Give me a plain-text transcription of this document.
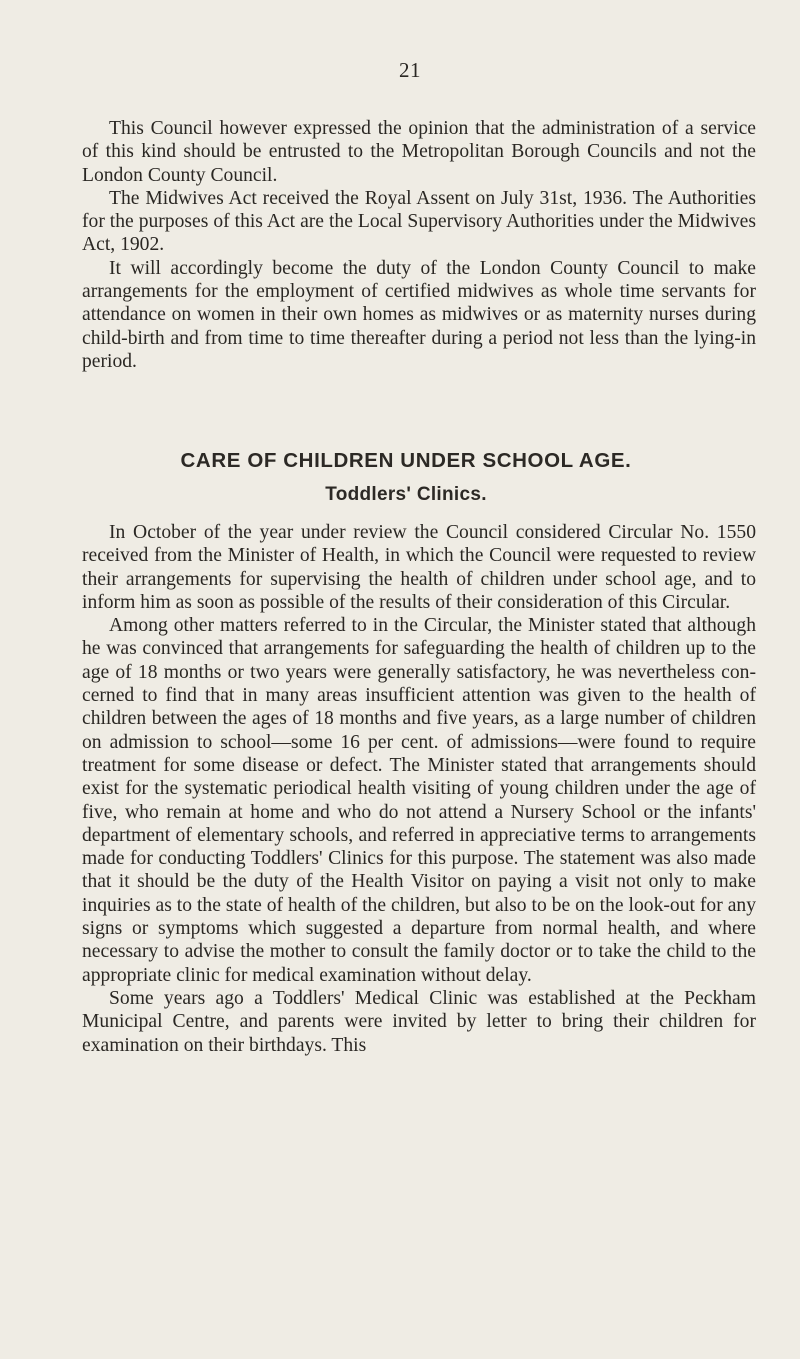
21

This Council however expressed the opinion that the administration of a service of this kind should be entrusted to the Metropolitan Borough Councils and not the London County Council.

The Midwives Act received the Royal Assent on July 31st, 1936. The Authorities for the purposes of this Act are the Local Supervisory Authorities under the Midwives Act, 1902.

It will accordingly become the duty of the London County Council to make arrangements for the employment of certified midwives as whole time servants for attendance on women in their own homes as midwives or as maternity nurses during child-birth and from time to time thereafter during a period not less than the lying-in period.

CARE OF CHILDREN UNDER SCHOOL AGE.
Toddlers' Clinics.

In October of the year under review the Council considered Circular No. 1550 received from the Minister of Health, in which the Council were requested to review their arrangements for supervising the health of children under school age, and to inform him as soon as possible of the results of their consideration of this Circular.

Among other matters referred to in the Circular, the Minister stated that although he was convinced that arrangements for safeguarding the health of children up to the age of 18 months or two years were generally satisfactory, he was nevertheless concerned to find that in many areas insufficient attention was given to the health of children between the ages of 18 months and five years, as a large number of children on admission to school—some 16 per cent. of admissions—were found to require treatment for some disease or defect. The Minister stated that arrangements should exist for the systematic periodical health visiting of young children under the age of five, who remain at home and who do not attend a Nursery School or the infants' department of elementary schools, and referred in appreciative terms to arrangements made for conducting Toddlers' Clinics for this purpose. The statement was also made that it should be the duty of the Health Visitor on paying a visit not only to make inquiries as to the state of health of the children, but also to be on the look-out for any signs or symptoms which suggested a departure from normal health, and where necessary to advise the mother to consult the family doctor or to take the child to the appropriate clinic for medical examination without delay.

Some years ago a Toddlers' Medical Clinic was established at the Peckham Municipal Centre, and parents were invited by letter to bring their children for examination on their birthdays. This
